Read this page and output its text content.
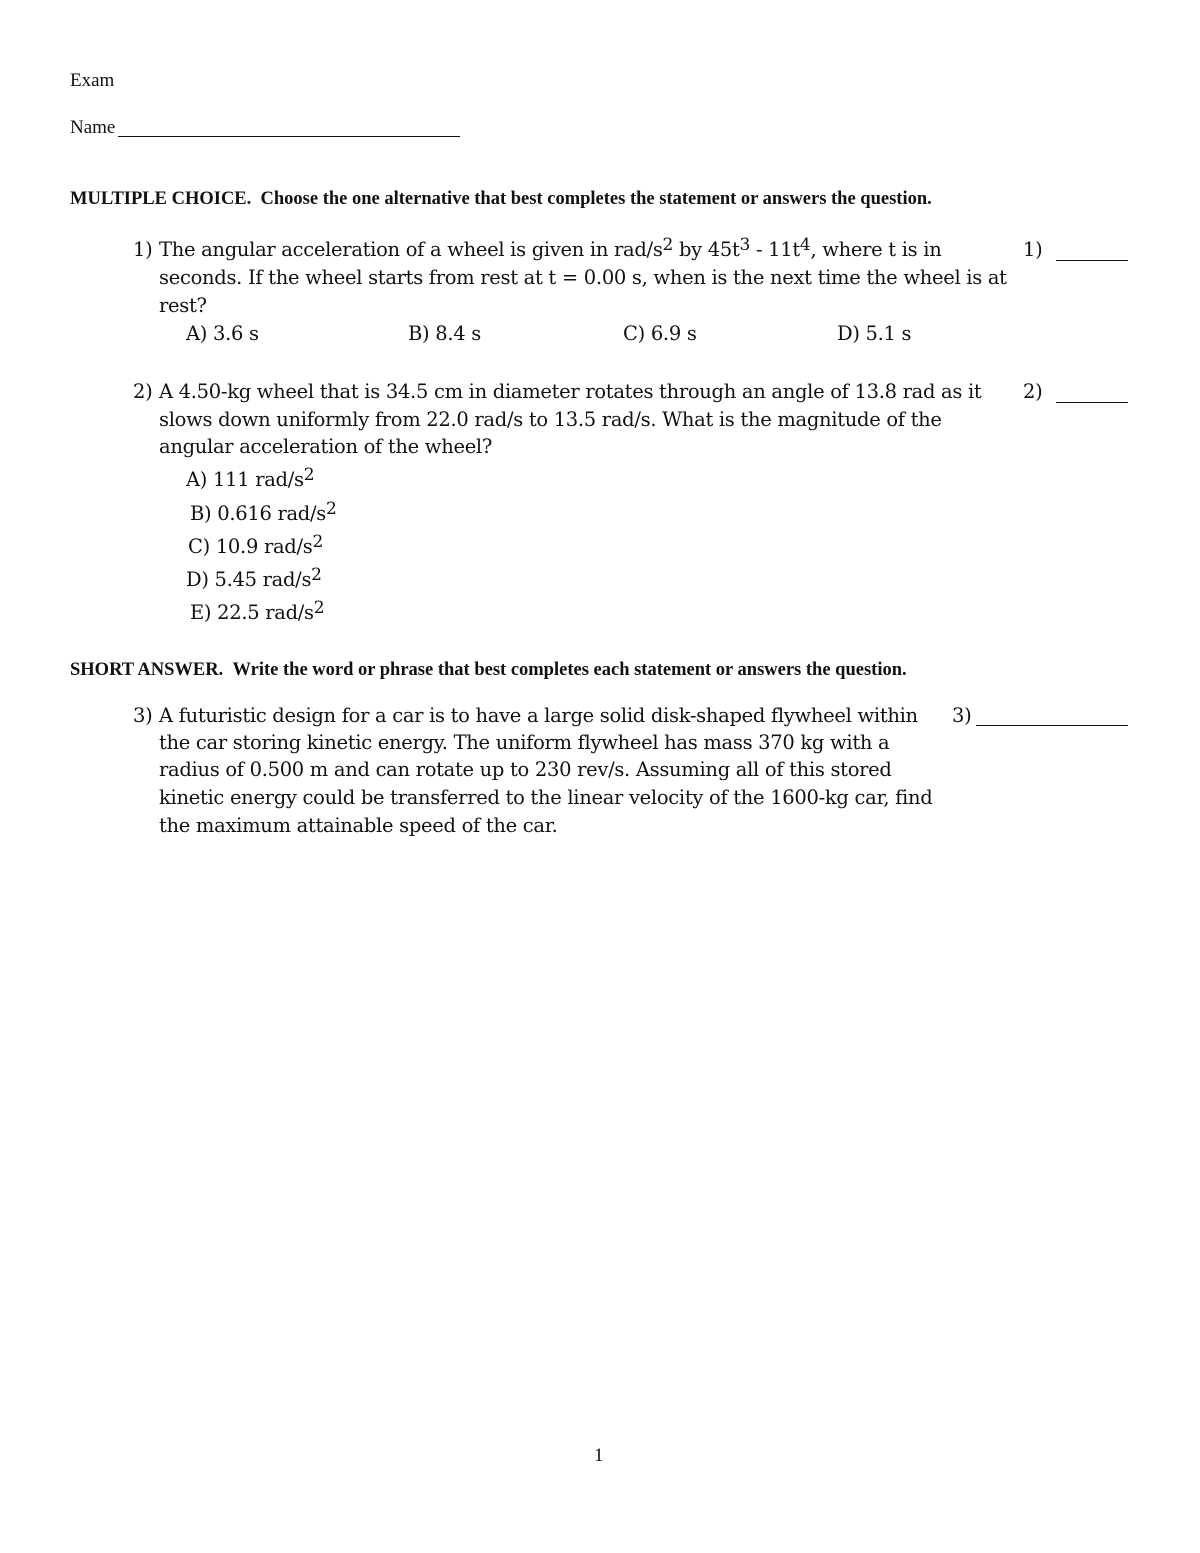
Exam
Name
MULTIPLE CHOICE. Choose the one alternative that best completes the statement or answers the question.
1) The angular acceleration of a wheel is given in rad/$s^2$ by $45t^3 - 11t^4$, where t is in
seconds. If the wheel starts from rest at t = 0.00 s, when is the next time the wheel is at
rest?
A) 3.6 s	B) 8.4 s	C) 6.9 s	D) 5.1 s
1)
2) A 4.50-kg wheel that is 34.5 cm in diameter rotates through an angle of 13.8 rad as it
slows down uniformly from 22.0 rad/s to 13.5 rad/s. What is the magnitude of the
angular acceleration of the wheel?
A) 111 rad/$s^2$
B) 0.616 rad/$s^2$
C) 10.9 rad/$s^2$
D) 5.45 rad/$s^2$
E) 22.5 rad/$s^2$
2)
SHORT ANSWER. Write the word or phrase that best completes each statement or answers the question.
3) A futuristic design for a car is to have a large solid disk-shaped flywheel within
the car storing kinetic energy. The uniform flywheel has mass 370 kg with a
radius of 0.500 m and can rotate up to 230 rev/s. Assuming all of this stored
kinetic energy could be transferred to the linear velocity of the 1600-kg car, find
the maximum attainable speed of the car.
3)
1
